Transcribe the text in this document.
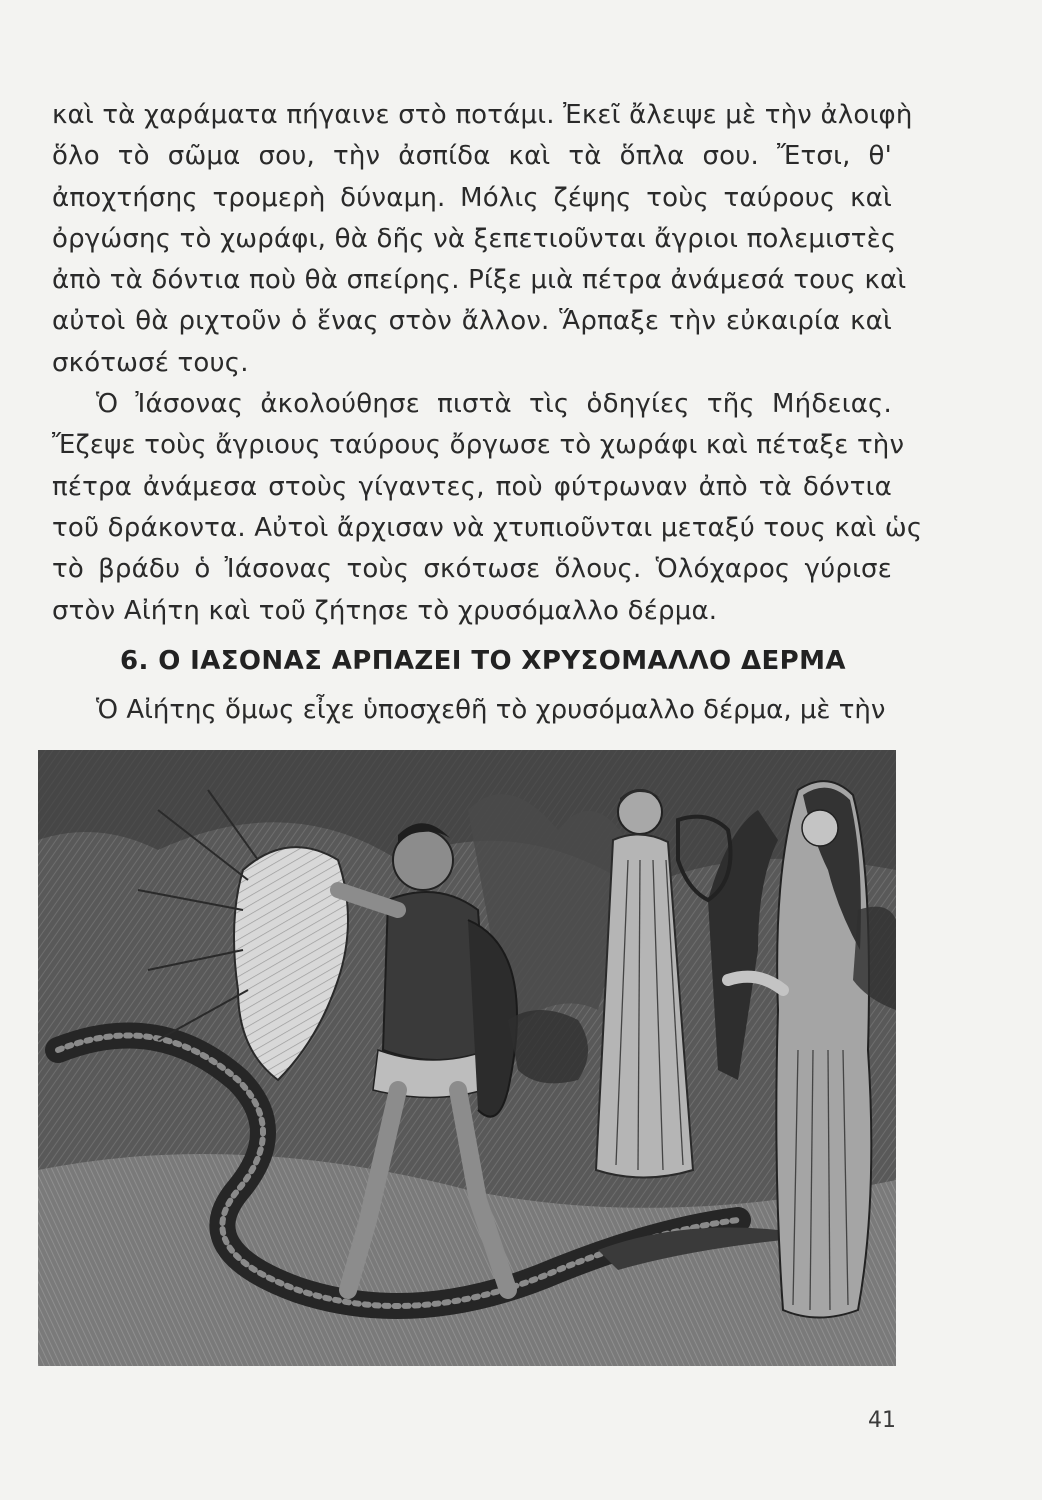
καὶ τὰ χαράματα πήγαινε στὸ ποτάμι. Ἐκεῖ ἄλειψε μὲ τὴν ἀλοιφὴ
ὅλο τὸ σῶμα σου, τὴν ἀσπίδα καὶ τὰ ὅπλα σου. Ἔτσι, θ'
ἀποχτήσης τρομερὴ δύναμη. Μόλις ζέψης τοὺς ταύρους καὶ
ὀργώσης τὸ χωράφι, θὰ δῆς νὰ ξεπετιοῦνται ἄγριοι πολεμιστὲς
ἀπὸ τὰ δόντια ποὺ θὰ σπείρης. Ρίξε μιὰ πέτρα ἀνάμεσά τους καὶ
αὐτοὶ θὰ ριχτοῦν ὁ ἕνας στὸν ἄλλον. Ἅρπαξε τὴν εὐκαιρία καὶ
σκότωσέ τους.
Ὁ Ἰάσονας ἀκολούθησε πιστὰ τὶς ὁδηγίες τῆς Μήδειας.
Ἔζεψε τοὺς ἄγριους ταύρους ὄργωσε τὸ χωράφι καὶ πέταξε τὴν
πέτρα ἀνάμεσα στοὺς γίγαντες, ποὺ φύτρωναν ἀπὸ τὰ δόντια
τοῦ δράκοντα. Αὐτοὶ ἄρχισαν νὰ χτυπιοῦνται μεταξύ τους καὶ ὡς
τὸ βράδυ ὁ Ἰάσονας τοὺς σκότωσε ὅλους. Ὁλόχαρος γύρισε
στὸν Αἰήτη καὶ τοῦ ζήτησε τὸ χρυσόμαλλο δέρμα.
6. Ο ΙΑΣΟΝΑΣ ΑΡΠΑΖΕΙ ΤΟ ΧΡΥΣΟΜΑΛΛΟ ΔΕΡΜΑ
Ὁ Αἰήτης ὅμως εἶχε ὑποσχεθῆ τὸ χρυσόμαλλο δέρμα, μὲ τὴν
41
